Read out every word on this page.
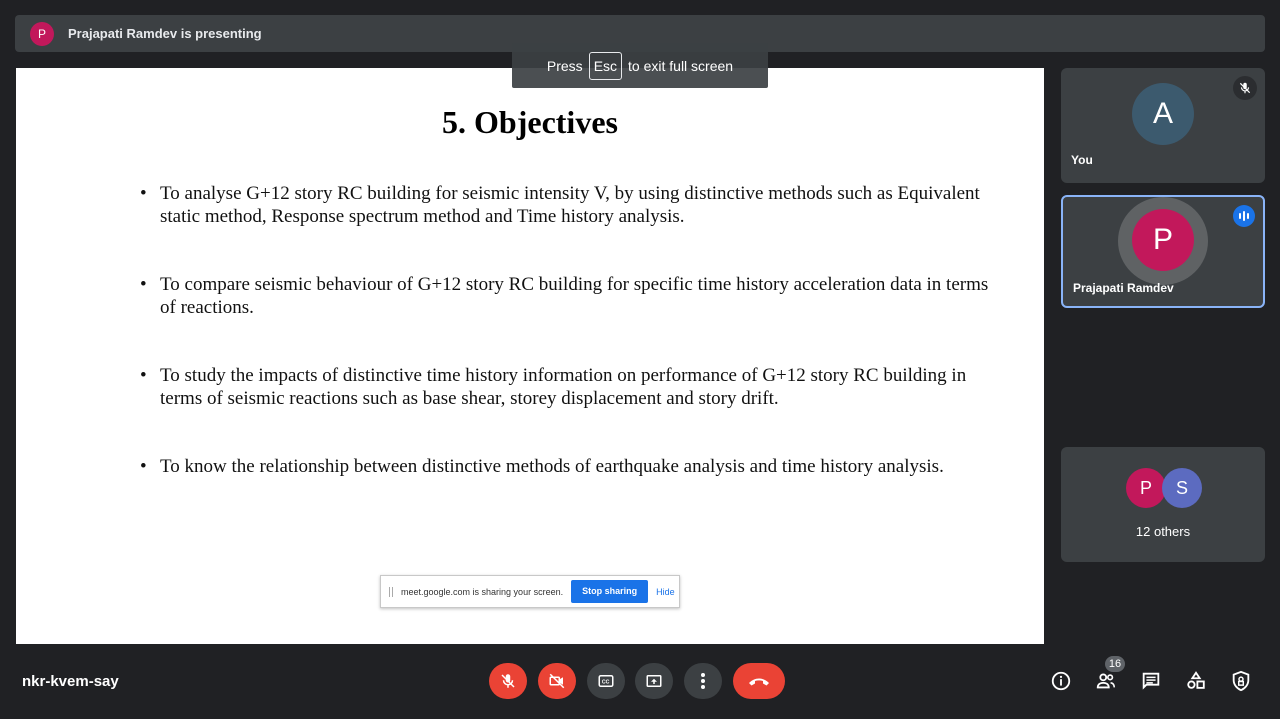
P	Prajapati Ramdev is presenting
5. Objectives
• To analyse G+12 story RC building for seismic intensity V, by using distinctive methods such as Equivalent static method, Response spectrum method and Time history analysis.
• To compare seismic behaviour of G+12 story RC building for specific time history acceleration data in terms of reactions.
• To study the impacts of distinctive time history information on performance of G+12 story RC building in terms of seismic reactions such as base shear, storey displacement and story drift.
• To know the relationship between distinctive methods of earthquake analysis and time history analysis.
meet.google.com is sharing your screen.	Stop sharing	Hide
Press Esc to exit full screen
A
You
P
Prajapati Ramdev
P	S
12 others
nkr-kvem-say	CC
16
